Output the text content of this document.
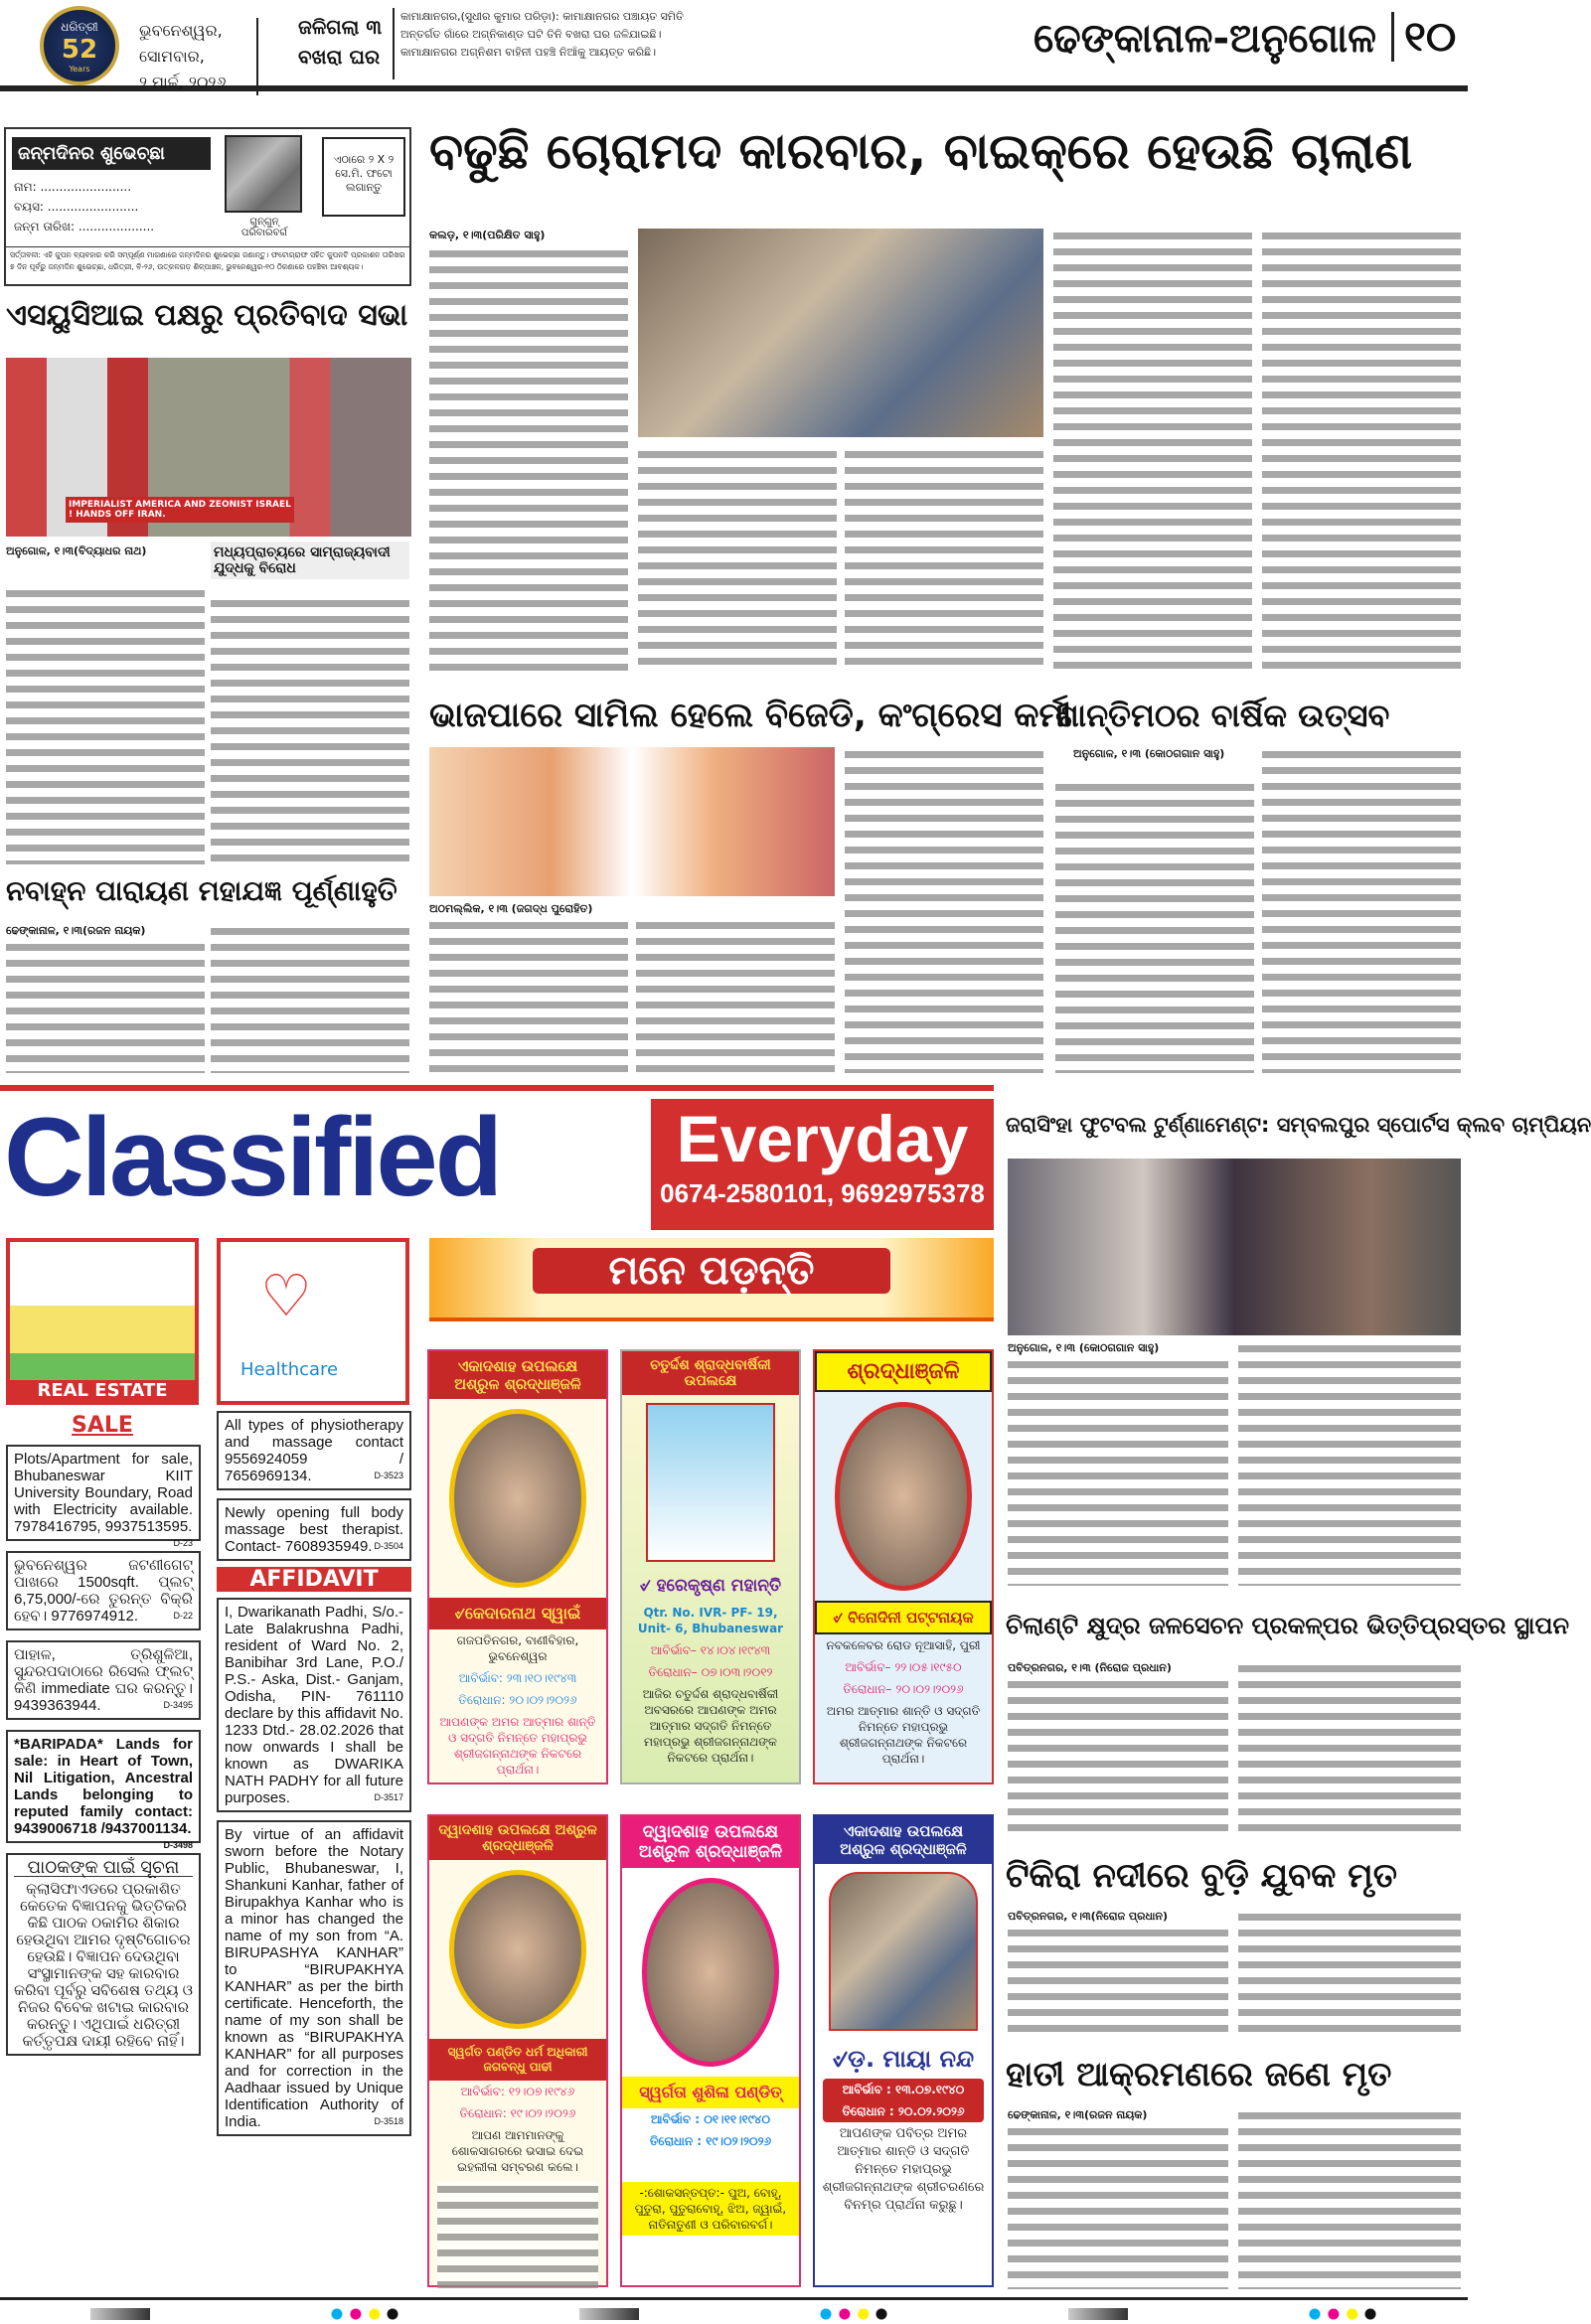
ଧରିତ୍ରୀ
52
Years
ଭୁବନେଶ୍ୱର, ସୋମବାର,
୨ ମାର୍ଚ୍ଚ, ୨୦୨୬
ଜଳିଗଲା ୩ ବଖରା ଘର
କାମାକ୍ଷାନଗର,(ସୁଧୀର କୁମାର ପରିଡ଼ା): କାମାକ୍ଷାନଗର ପଞ୍ଚାୟତ ସମିତି ଅନ୍ତର୍ଗତ ଗାଁରେ ଅଗ୍ନିକାଣ୍ଡ ଘଟି ତିନି ବଖରା ଘର ଜଳିଯାଇଛି। କାମାକ୍ଷାନଗର ଅଗ୍ନିଶମ ବାହିନୀ ପହଞ୍ଚି ନିଆଁକୁ ଆୟତ୍ତ କରିଛି।	ଢେଙ୍କାନାଳ-ଅନୁଗୋଳ ୧୦
ଜନ୍ମଦିନର ଶୁଭେଚ୍ଛା
ନାମ: ........................
ବୟସ: ........................
ଜନ୍ମ ତାରିଖ: ....................	ଗୁନ୍‌ଗୁନ୍
ପରିବାରବର୍ଗ
ଏଠାରେ ୨ X ୨ ସେ.ମି. ଫଟୋ ଲଗାନ୍ତୁ
ସର୍ତ୍ତାବଳୀ: ଏହି କୁପନ ବ୍ୟବହାର କରି ସମ୍ପୂର୍ଣ୍ଣ ମାଗଣାରେ ଜନ୍ମଦିନର ଶୁଭେଚ୍ଛା ଜଣାନ୍ତୁ। ଫଟୋଗ୍ରାଫ ସହିତ କୁପନଟି ପ୍ରକାଶନ ତାରିଖର ୭ ଦିନ ପୂର୍ବରୁ ଜନ୍ମଦିନ ଶୁଭେଚ୍ଛା, ଧରିତ୍ରୀ, ବି-୨୬, ଉତ୍କଳଗଡ଼ ଶିଳ୍ପାଞ୍ଚଳ, ଭୁବନେଶ୍ୱର-୧୦ ଠିକଣାରେ ପହଞ୍ଚିବା ଆବଶ୍ୟକ।
ବଢୁଛି ଚୋରାମଦ କାରବାର, ବାଇକ୍‌ରେ ହେଉଛି ଚାଲାଣ
କଲଡ଼, ୧।୩(ପରିକ୍ଷିତ ସାହୁ)
ଏସୟୁସିଆଇ ପକ୍ଷରୁ ପ୍ରତିବାଦ ସଭା
IMPERIALIST AMERICA AND ZEONIST ISRAEL ! HANDS OFF IRAN.
ଅନୁଗୋଳ, ୧।୩(ବିଦ୍ୟାଧର ନାଥ)	ମଧ୍ୟପ୍ରାଚ୍ୟରେ ସାମ୍ରାଜ୍ୟବାଦୀ ଯୁଦ୍ଧକୁ ବିରୋଧ
ନବାହ୍ନ ପାରାୟଣ ମହାଯଜ୍ଞ ପୂର୍ଣ୍ଣାହୁତି
ଢେଙ୍କାନାଳ, ୧।୩(ରଜନ ନାୟକ)
ଭାଜପାରେ ସାମିଲ ହେଲେ ବିଜେଡି, କଂଗ୍ରେସ କର୍ମୀ
ଅଠମଲ୍ଲିକ, ୧।୩ (ଜଗଦ୍ଧ ପୁରୋହିତ)
ଶାନ୍ତିମଠର ବାର୍ଷିକ ଉତ୍ସବ
ଅନୁଗୋଳ, ୧।୩ (କୋଠଗଗାନ ସାହୁ)
Classified	Everyday
0674-2580101, 9692975378
REAL ESTATE
♡
Healthcare
SALE
Plots/Apartment for sale, Bhubaneswar KIIT University Boundary, Road with Electricity available. 7978416795, 9937513595.
D-23
ଭୁବନେଶ୍ୱର ଜଟଣୀଗେଟ୍ ପାଖରେ 1500sqft. ପ୍ଲଟ୍ 6,75,000/-ରେ ତୁରନ୍ତ ବିକ୍ରି ହେବ। 9776974912.	D-22
ପାହାଳ, ତ୍ରିଶୁଳିଆ, ସୁନ୍ଦରପଦାଠାରେ ରିସେଲ ଫ୍ଲଟ୍ କିଣି immediate ଘର କରନ୍ତୁ। 9439363944.	D-3495
*BARIPADA* Lands for sale: in Heart of Town, Nil Litigation, Ancestral Lands belonging to reputed family contact: 9439006718 /9437001134.
D-3498
ପାଠକଙ୍କ ପାଇଁ ସୂଚନା
କ୍ଲାସିଫାଏଡରେ ପ୍ରକାଶିତ କେତେକ ବିଜ୍ଞାପନକୁ ଭିତ୍ତିକରି କିଛି ପାଠକ ଠକାମିର ଶିକାର ହେଉଥିବା ଆମର ଦୃଷ୍ଟିଗୋଚର ହେଉଛି। ବିଜ୍ଞାପନ ଦେଉଥିବା ସଂସ୍ଥାମାନଙ୍କ ସହ କାରବାର କରିବା ପୂର୍ବରୁ ସବିଶେଷ ତଥ୍ୟ ଓ ନିଜର ବିବେକ ଖଟାଇ କାରବାର କରନ୍ତୁ। ଏଥିପାଇଁ ଧରିତ୍ରୀ କର୍ତ୍ତୃପକ୍ଷ ଦାୟୀ ରହିବେ ନାହିଁ।
All types of physiotherapy and massage contact 9556924059 / 7656969134.	D-3523
Newly opening full body massage best therapist. Contact- 7608935949. D-3504
AFFIDAVIT
I, Dwarikanath Padhi, S/o.- Late Balakrushna Padhi, resident of Ward No. 2, Banibihar 3rd Lane, P.O./ P.S.- Aska, Dist.- Ganjam, Odisha, PIN- 761110 declare by this affidavit No. 1233 Dtd.- 28.02.2026 that now onwards I shall be known as DWARIKA NATH PADHY for all future purposes.	D-3517
By virtue of an affidavit sworn before the Notary Public, Bhubaneswar, I, Shankuni Kanhar, father of Birupakhya Kanhar who is a minor has changed the name of my son from “A. BIRUPASHYA KANHAR” to “BIRUPAKHYA KANHAR” as per the birth certificate. Henceforth, the name of my son shall be known as “BIRUPAKHYA KANHAR” for all purposes and for correction in the Aadhaar issued by Unique Identification Authority of India.	D-3518
ମନେ ପଡ଼ନ୍ତି
ଏକାଦଶାହ ଉପଲକ୍ଷେ ଅଶ୍ରୁଳ ଶ୍ରଦ୍ଧାଞ୍ଜଳି
୰କେଦାରନାଥ ସ୍ୱାଇଁ
ଗଜପତିନଗର, ବାଣୀବିହାର, ଭୁବନେଶ୍ୱର
ଆବିର୍ଭାବ: ୨୩।୧୦।୧୯୪୩
ତିରୋଧାନ: ୨୦।୦୨।୨୦୨୬
ଆପଣଙ୍କ ଅମର ଆତ୍ମାର ଶାନ୍ତି ଓ ସଦ୍‌ଗତି ନିମନ୍ତେ ମହାପ୍ରଭୁ ଶ୍ରୀଜଗନ୍ନାଥଙ୍କ ନିକଟରେ ପ୍ରାର୍ଥନା।
ଚତୁର୍ଦ୍ଦଶ ଶ୍ରାଦ୍ଧବାର୍ଷିକୀ ଉପଲକ୍ଷେ
୰ ହରେକୃଷ୍ଣ ମହାନ୍ତି
Qtr. No. IVR- PF- 19, Unit- 6, Bhubaneswar
ଆବିର୍ଭାବ– ୧୪।୦୪।୧୯୪୩
ତିରୋଧାନ– ୦୭।୦୩।୨୦୧୨
ଆଜିର ଚତୁର୍ଦ୍ଦଶ ଶ୍ରାଦ୍ଧବାର୍ଷିକୀ ଅବସରରେ ଆପଣଙ୍କ ଅମର ଆତ୍ମାର ସଦ୍‌ଗତି ନିମନ୍ତେ ମହାପ୍ରଭୁ ଶ୍ରୀଜଗନ୍ନାଥଙ୍କ ନିକଟରେ ପ୍ରାର୍ଥନା।
ଶ୍ରଦ୍ଧାଞ୍ଜଳି
୰ ବିନୋଦିନୀ ପଟ୍ଟନାୟକ
ନବକଳେବର ରୋଡ ନୂଆସାହି, ପୁରୀ
ଆବିର୍ଭାବ– ୨୨।୦୫।୧୯୫୦
ତିରୋଧାନ– ୨୦।୦୨।୨୦୨୬
ଅମର ଆତ୍ମାର ଶାନ୍ତି ଓ ସଦ୍‌ଗତି ନିମନ୍ତେ ମହାପ୍ରଭୁ ଶ୍ରୀଜଗନ୍ନାଥଙ୍କ ନିକଟରେ ପ୍ରାର୍ଥନା।
ଦ୍ୱାଦଶାହ ଉପଲକ୍ଷେ ଅଶ୍ରୁଳ ଶ୍ରଦ୍ଧାଞ୍ଜଳି
ସ୍ୱର୍ଗତ ପଣ୍ଡିତ ଧର୍ମ ଅଧିକାରୀ ଜଗବନ୍ଧୁ ପାଢୀ
ଆବିର୍ଭାବ: ୧୨।୦୭।୧୯୪୬
ତିରୋଧାନ: ୧୯।୦୨।୨୦୨୬
ଆପଣ ଆମମାନଙ୍କୁ ଶୋକସାଗରରେ ଭସାଇ ଦେଇ ଇହଲୀଳା ସମ୍ବରଣ କଲେ।
ଦ୍ୱାଦଶାହ ଉପଲକ୍ଷେ ଅଶ୍ରୁଳ ଶ୍ରଦ୍ଧାଞ୍ଜଳି
ସ୍ୱର୍ଗତା ଶୁଶିଳା ପଣ୍ଡିତ୍
ଆବିର୍ଭାବ : ୦୧।୧୧।୧୯୪୦
ତିରୋଧାନ : ୧୯।୦୨।୨୦୨୬
-:ଶୋକସନ୍ତପ୍ତ:- ପୁଅ, ବୋହୂ, ପୁତୁରା, ପୁତୁରାବୋହୂ, ଝିଅ, ଜ୍ୱାଇଁ, ନାତିନାତୁଣୀ ଓ ପରିବାରବର୍ଗ।
ଏକାଦଶାହ ଉପଲକ୍ଷେ ଅଶ୍ରୁଳ ଶ୍ରଦ୍ଧାଞ୍ଜଳି
୰ଡ଼. ମାୟା ନନ୍ଦ
ଆବିର୍ଭାବ : ୧୩.୦୭.୧୯୪୦
ତିରୋଧାନ : ୨୦.୦୨.୨୦୨୬
ଆପଣଙ୍କ ପବିତ୍ର ଅମର ଆତ୍ମାର ଶାନ୍ତି ଓ ସଦ୍‌ଗତି ନିମନ୍ତେ ମହାପ୍ରଭୁ ଶ୍ରୀଜଗନ୍ନାଥଙ୍କ ଶ୍ରୀଚରଣରେ ବିନମ୍ର ପ୍ରାର୍ଥନା କରୁଛୁ।
ଜରାସିଂହା ଫୁଟବଲ ଟୁର୍ଣ୍ଣାମେଣ୍ଟ: ସମ୍ବଲପୁର ସ୍ପୋର୍ଟସ କ୍ଲବ ଚାମ୍ପିୟନ
ଅନୁଗୋଳ, ୧।୩ (କୋଠଗଗାନ ସାହୁ)
ଚିଲାଣ୍ଟି କ୍ଷୁଦ୍ର ଜଳସେଚନ ପ୍ରକଳ୍ପର ଭିତ୍ତିପ୍ରସ୍ତର ସ୍ଥାପନ
ପବିତ୍ରନଗର, ୧।୩ (ନିରୋଜ ପ୍ରଧାନ)
ଟିକିରା ନଦୀରେ ବୁଡ଼ି ଯୁବକ ମୃତ
ପବିତ୍ରନଗର, ୧।୩(ନିରୋଜ ପ୍ରଧାନ)
ହାତୀ ଆକ୍ରମଣରେ ଜଣେ ମୃତ
ଢେଙ୍କାନାଳ, ୧।୩(ରଜନ ନାୟକ)
